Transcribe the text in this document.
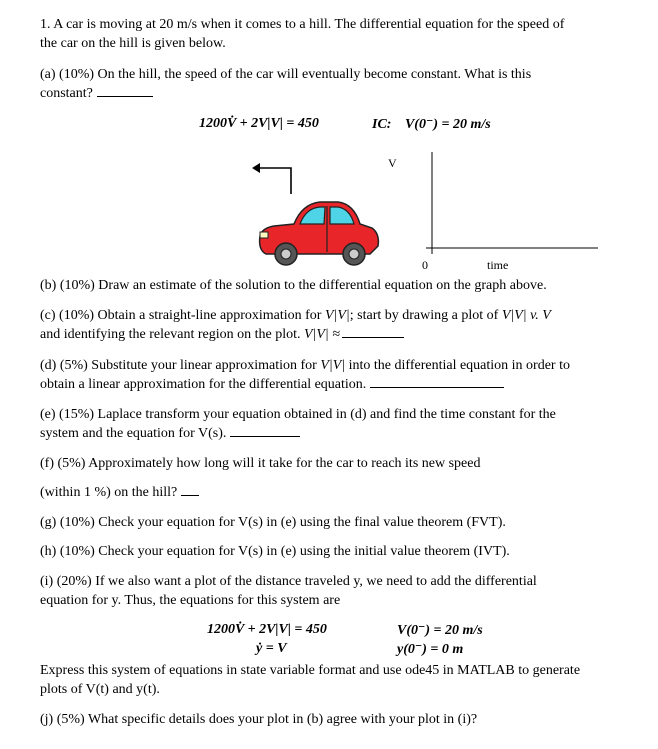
1. A car is moving at 20 m/s when it comes to a hill. The differential equation for the speed of
the car on the hill is given below.
(a) (10%) On the hill, the speed of the car will eventually become constant. What is this
constant?
1200V̇ + 2V|V| = 450	IC: V(0⁻) = 20 m/s
V
0	time
(b) (10%) Draw an estimate of the solution to the differential equation on the graph above.
(c) (10%) Obtain a straight-line approximation for V|V|; start by drawing a plot of V|V| v. V
and identifying the relevant region on the plot. V|V| ≈
(d) (5%) Substitute your linear approximation for V|V| into the differential equation in order to
obtain a linear approximation for the differential equation.
(e) (15%) Laplace transform your equation obtained in (d) and find the time constant for the
system and the equation for V(s).
(f) (5%) Approximately how long will it take for the car to reach its new speed
(within 1 %) on the hill?
(g) (10%) Check your equation for V(s) in (e) using the final value theorem (FVT).
(h) (10%) Check your equation for V(s) in (e) using the initial value theorem (IVT).
(i) (20%) If we also want a plot of the distance traveled y, we need to add the differential
equation for y. Thus, the equations for this system are
1200V̇ + 2V|V| = 450	V(0⁻) = 20 m/s
ẏ = V	y(0⁻) = 0 m
Express this system of equations in state variable format and use ode45 in MATLAB to generate
plots of V(t) and y(t).
(j) (5%) What specific details does your plot in (b) agree with your plot in (i)?
